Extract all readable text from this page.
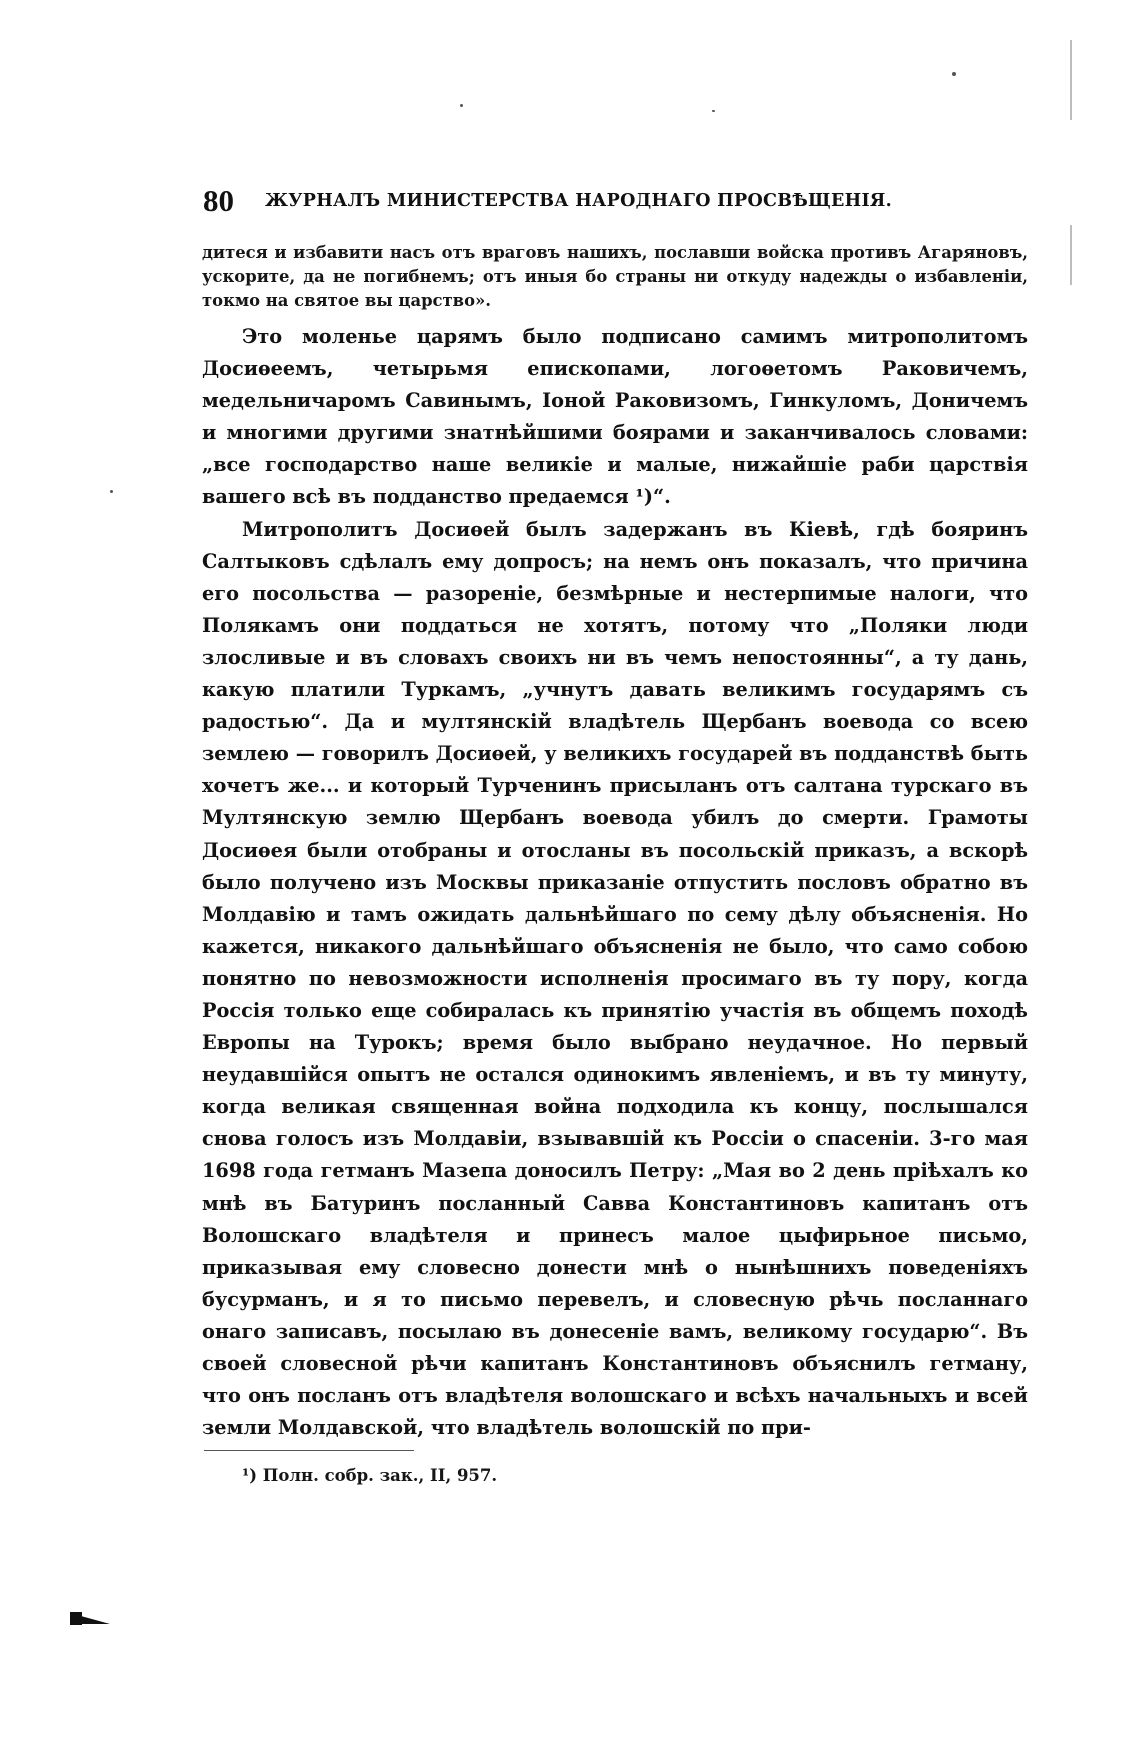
80 ЖУРНАЛЪ МИНИСТЕРСТВА НАРОДНАГО ПРОСВѢЩЕНІЯ.

дитеся и избавити насъ отъ враговъ нашихъ, пославши войска противъ Агаряновъ, ускорите, да не погибнемъ; отъ иныя бо страны ни откуду надежды о избавленіи, токмо на святое вы царство».

Это моленье царямъ было подписано самимъ митрополитомъ Досиѳеемъ, четырьмя епископами, логоѳетомъ Раковичемъ, медельничаромъ Савинымъ, Іоной Раковизомъ, Гинкуломъ, Доничемъ и многими другими знатнѣйшими боярами и заканчивалось словами: „все господарство наше великіе и малые, нижайшіе раби царствія вашего всѣ въ подданство предаемся ¹)“.

Митрополитъ Досиѳей былъ задержанъ въ Кіевѣ, гдѣ бояринъ Салтыковъ сдѣлалъ ему допросъ; на немъ онъ показалъ, что причина его посольства — разореніе, безмѣрные и нестерпимые налоги, что Полякамъ они поддаться не хотятъ, потому что „Поляки люди злосливые и въ словахъ своихъ ни въ чемъ непостоянны“, а ту дань, какую платили Туркамъ, „учнутъ давать великимъ государямъ съ радостью“. Да и мултянскій владѣтель Щербанъ воевода со всею землею — говорилъ Досиѳей, у великихъ государей въ подданствѣ быть хочетъ же... и который Турченинъ присыланъ отъ салтана турскаго въ Мултянскую землю Щербанъ воевода убилъ до смерти. Грамоты Досиѳея были отобраны и отосланы въ посольскій приказъ, а вскорѣ было получено изъ Москвы приказаніе отпустить пословъ обратно въ Молдавію и тамъ ожидать дальнѣйшаго по сему дѣлу объясненія. Но кажется, никакого дальнѣйшаго объясненія не было, что само собою понятно по невозможности исполненія просимаго въ ту пору, когда Россія только еще собиралась къ принятію участія въ общемъ походѣ Европы на Турокъ; время было выбрано неудачное. Но первый неудавшійся опытъ не остался одинокимъ явленіемъ, и въ ту минуту, когда великая священная война подходила къ концу, послышался снова голосъ изъ Молдавіи, взывавшій къ Россіи о спасеніи. 3-го мая 1698 года гетманъ Мазепа доносилъ Петру: „Мая во 2 день пріѣхалъ ко мнѣ въ Батуринъ посланный Савва Константиновъ капитанъ отъ Волошскаго владѣтеля и принесъ малое цыфирьное письмо, приказывая ему словесно донести мнѣ о нынѣшнихъ поведеніяхъ бусурманъ, и я то письмо перевелъ, и словесную рѣчь посланнаго онаго записавъ, посылаю въ донесеніе вамъ, великому государю“. Въ своей словесной рѣчи капитанъ Константиновъ объяснилъ гетману, что онъ посланъ отъ владѣтеля волошскаго и всѣхъ начальныхъ и всей земли Молдавской, что владѣтель волошскій по при-

¹) Полн. собр. зак., II, 957.
